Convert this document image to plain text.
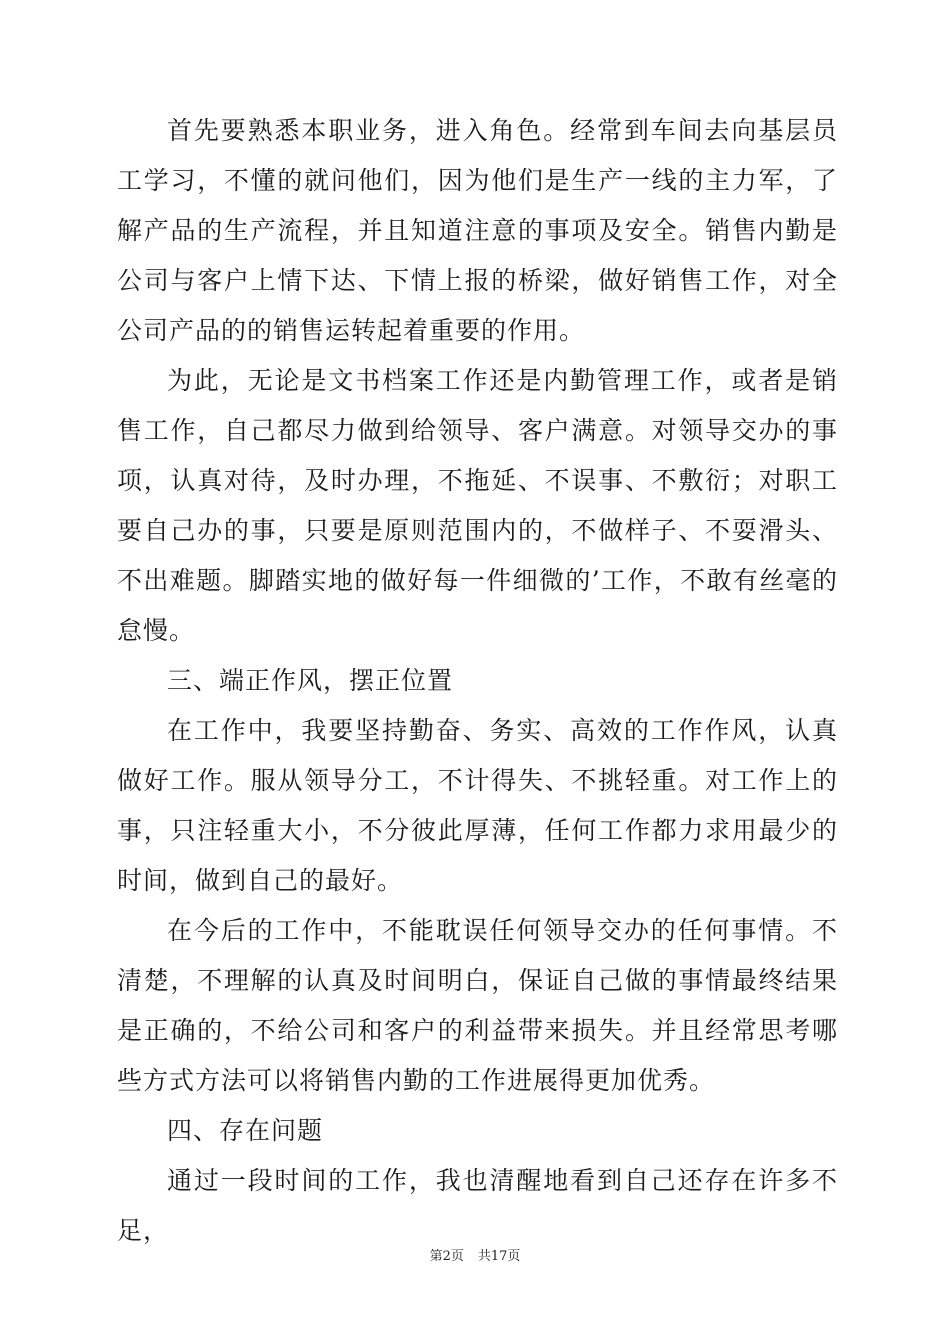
首先要熟悉本职业务，进入角色。经常到车间去向基层员工学习，不懂的就问他们，因为他们是生产一线的主力军，了解产品的生产流程，并且知道注意的事项及安全。销售内勤是公司与客户上情下达、下情上报的桥梁，做好销售工作，对全公司产品的的销售运转起着重要的作用。

为此，无论是文书档案工作还是内勤管理工作，或者是销售工作，自己都尽力做到给领导、客户满意。对领导交办的事项，认真对待，及时办理，不拖延、不误事、不敷衍；对职工要自己办的事，只要是原则范围内的，不做样子、不耍滑头、不出难题。脚踏实地的做好每一件细微的’工作，不敢有丝毫的怠慢。

三、端正作风，摆正位置

在工作中，我要坚持勤奋、务实、高效的工作作风，认真做好工作。服从领导分工，不计得失、不挑轻重。对工作上的事，只注轻重大小，不分彼此厚薄，任何工作都力求用最少的时间，做到自己的最好。

在今后的工作中，不能耽误任何领导交办的任何事情。不清楚，不理解的认真及时间明白，保证自己做的事情最终结果是正确的，不给公司和客户的利益带来损失。并且经常思考哪些方式方法可以将销售内勤的工作进展得更加优秀。

四、存在问题

通过一段时间的工作，我也清醒地看到自己还存在许多不足，

第2页 共17页
